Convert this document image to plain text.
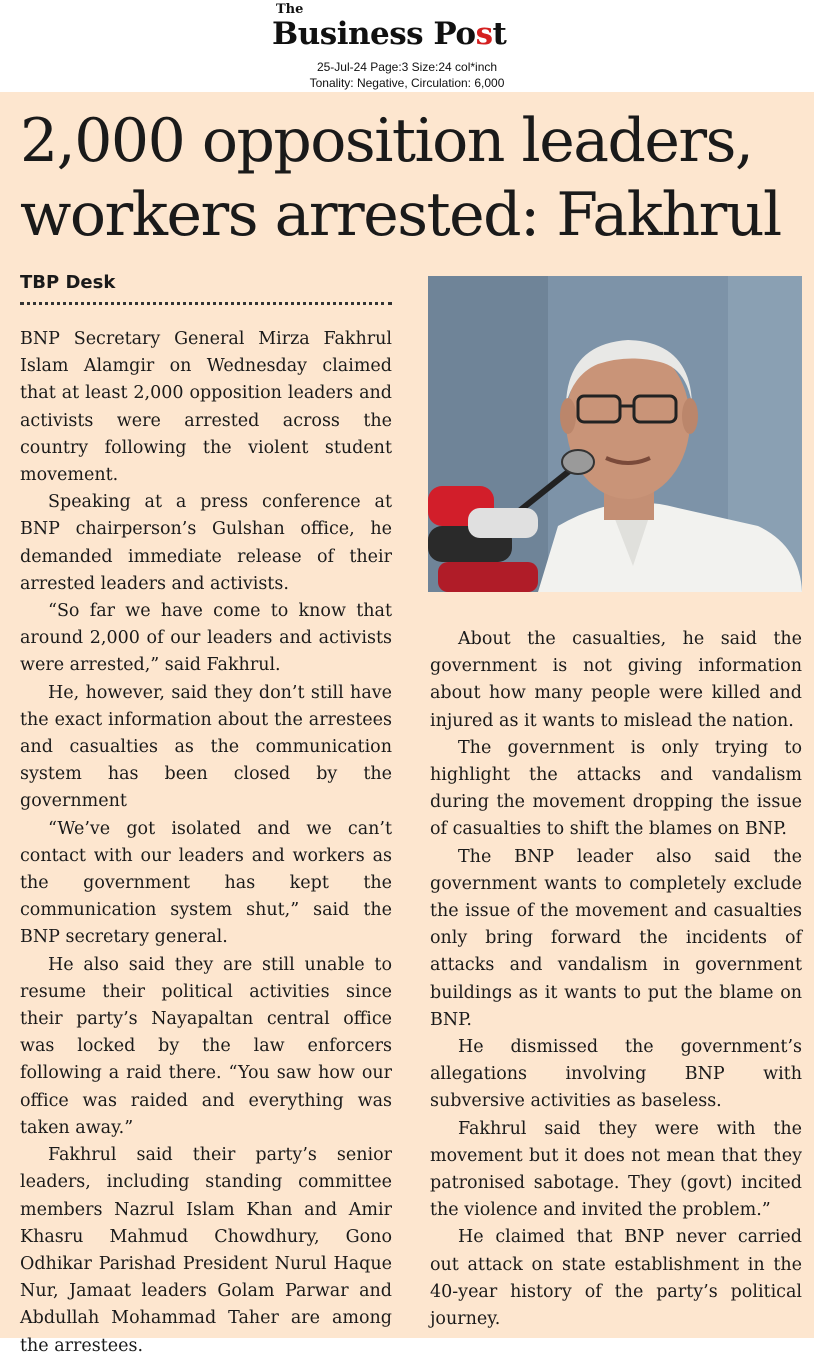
The
Business Post
25-Jul-24 Page:3 Size:24 col*inch
Tonality: Negative, Circulation: 6,000
2,000 opposition leaders, workers arrested: Fakhrul
TBP Desk

BNP Secretary General Mirza Fakhrul Islam Alamgir on Wednesday claimed that at least 2,000 opposition leaders and activists were arrested across the country following the violent student movement.

Speaking at a press conference at BNP chairperson’s Gulshan office, he demanded immediate release of their arrested leaders and activists.

“So far we have come to know that around 2,000 of our leaders and activists were arrested,” said Fakhrul.

He, however, said they don’t still have the exact information about the arrestees and casualties as the communication system has been closed by the government

“We’ve got isolated and we can’t contact with our leaders and workers as the government has kept the communication system shut,” said the BNP secretary general.

He also said they are still unable to resume their political activities since their party’s Nayapaltan central office was locked by the law enforcers following a raid there. “You saw how our office was raided and everything was taken away.”

Fakhrul said their party’s senior leaders, including standing committee members Nazrul Islam Khan and Amir Khasru Mahmud Chowdhury, Gono Odhikar Parishad President Nurul Haque Nur, Jamaat leaders Golam Parwar and Abdullah Mohammad Taher are among the arrestees.

About the casualties, he said the government is not giving information about how many people were killed and injured as it wants to mislead the nation.

The government is only trying to highlight the attacks and vandalism during the movement dropping the issue of casualties to shift the blames on BNP.

The BNP leader also said the government wants to completely exclude the issue of the movement and casualties only bring forward the incidents of attacks and vandalism in government buildings as it wants to put the blame on BNP.

He dismissed the government’s allegations involving BNP with subversive activities as baseless.

Fakhrul said they were with the movement but it does not mean that they patronised sabotage. They (govt) incited the violence and invited the problem.”

He claimed that BNP never carried out attack on state establishment in the 40-year history of the party’s political journey.
